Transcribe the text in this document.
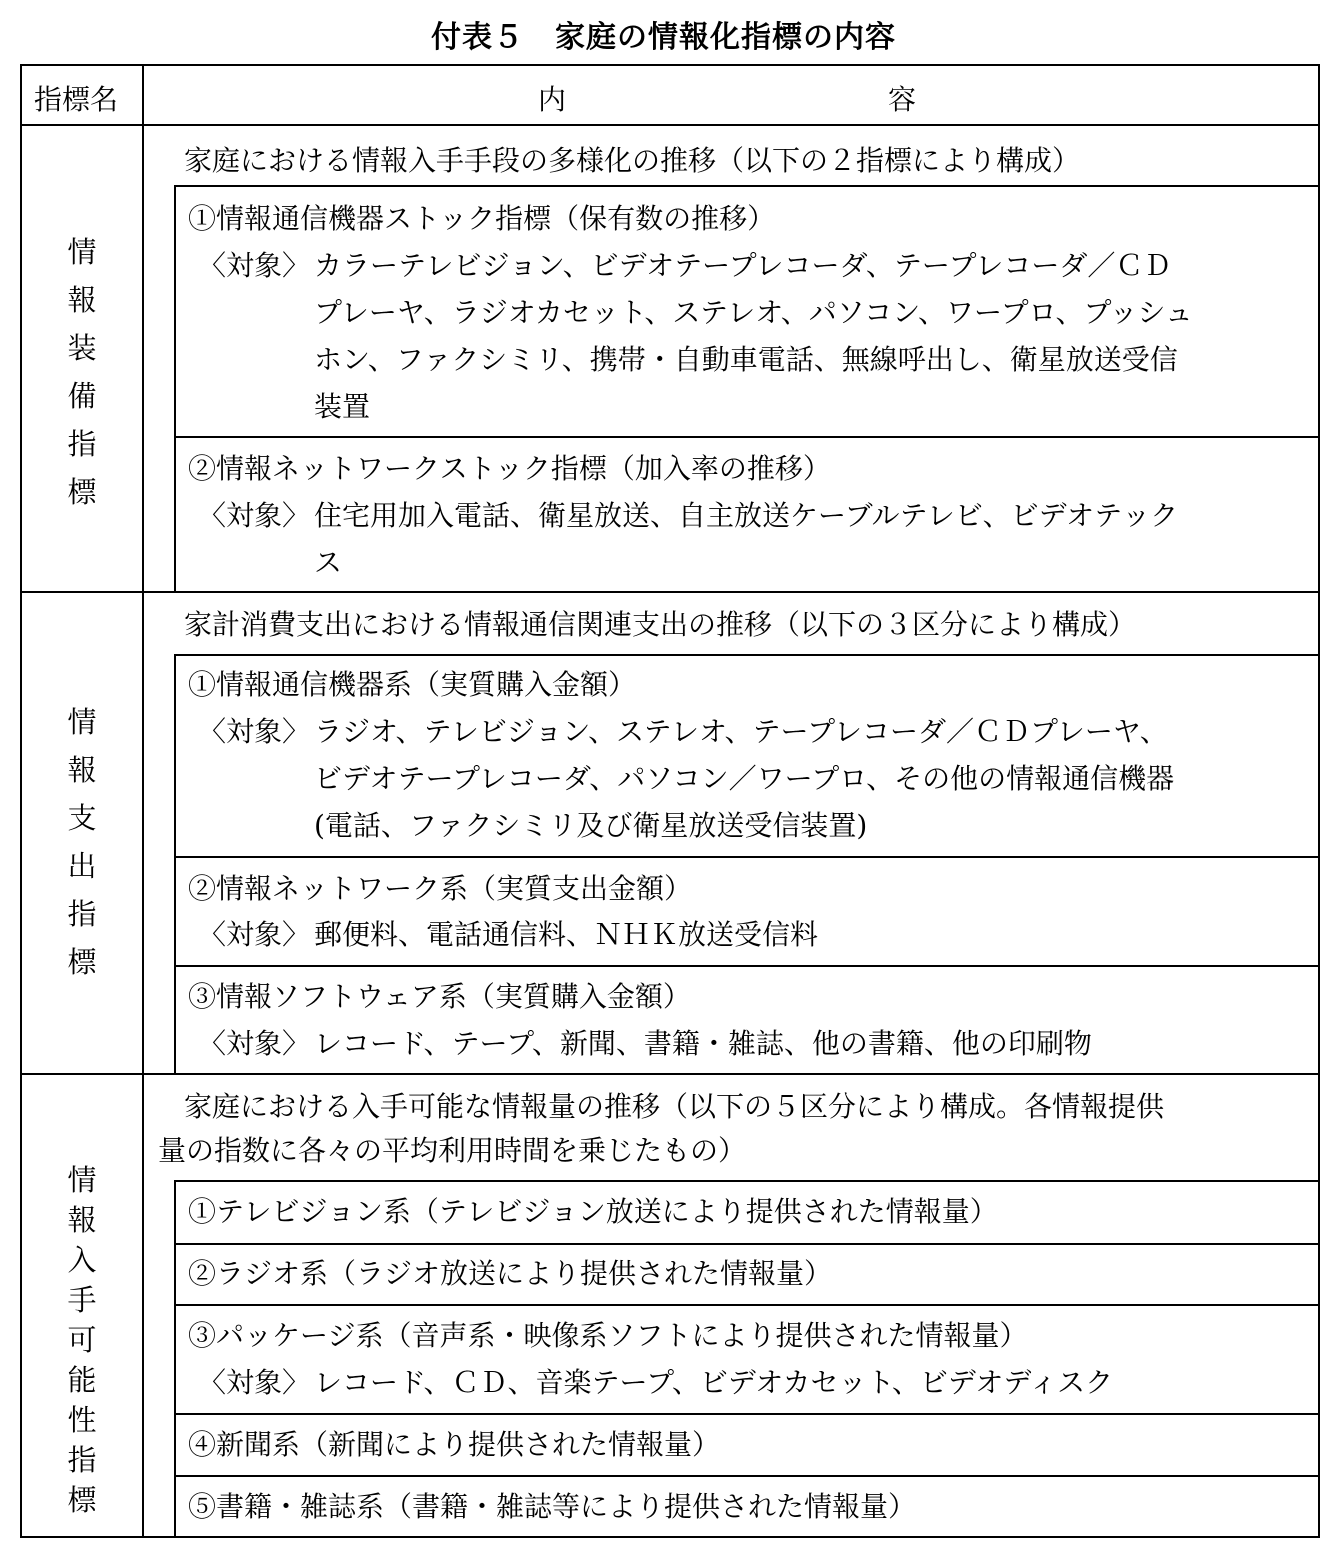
付表５　家庭の情報化指標の内容
指標名	内	容
情
報
装
備
指
標
家庭における情報入手手段の多様化の推移（以下の２指標により構成）
①情報通信機器ストック指標（保有数の推移）
〈対象〉 カラーテレビジョン、ビデオテープレコーダ、テープレコーダ／ＣＤ
プレーヤ、ラジオカセット、ステレオ、パソコン、ワープロ、プッシュ
ホン、ファクシミリ、携帯・自動車電話、無線呼出し、衛星放送受信
装置
②情報ネットワークストック指標（加入率の推移）
〈対象〉 住宅用加入電話、衛星放送、自主放送ケーブルテレビ、ビデオテック
ス
情
報
支
出
指
標
家計消費支出における情報通信関連支出の推移（以下の３区分により構成）
①情報通信機器系（実質購入金額）
〈対象〉 ラジオ、テレビジョン、ステレオ、テープレコーダ／ＣＤプレーヤ、
ビデオテープレコーダ、パソコン／ワープロ、その他の情報通信機器
(電話、ファクシミリ及び衛星放送受信装置)
②情報ネットワーク系（実質支出金額）
〈対象〉 郵便料、電話通信料、ＮＨＫ放送受信料
③情報ソフトウェア系（実質購入金額）
〈対象〉 レコード、テープ、新聞、書籍・雑誌、他の書籍、他の印刷物
情
報
入
手
可
能
性
指
標
家庭における入手可能な情報量の推移（以下の５区分により構成。各情報提供
量の指数に各々の平均利用時間を乗じたもの）
①テレビジョン系（テレビジョン放送により提供された情報量）
②ラジオ系（ラジオ放送により提供された情報量）
③パッケージ系（音声系・映像系ソフトにより提供された情報量）
〈対象〉 レコード、ＣＤ、音楽テープ、ビデオカセット、ビデオディスク
④新聞系（新聞により提供された情報量）
⑤書籍・雑誌系（書籍・雑誌等により提供された情報量）
